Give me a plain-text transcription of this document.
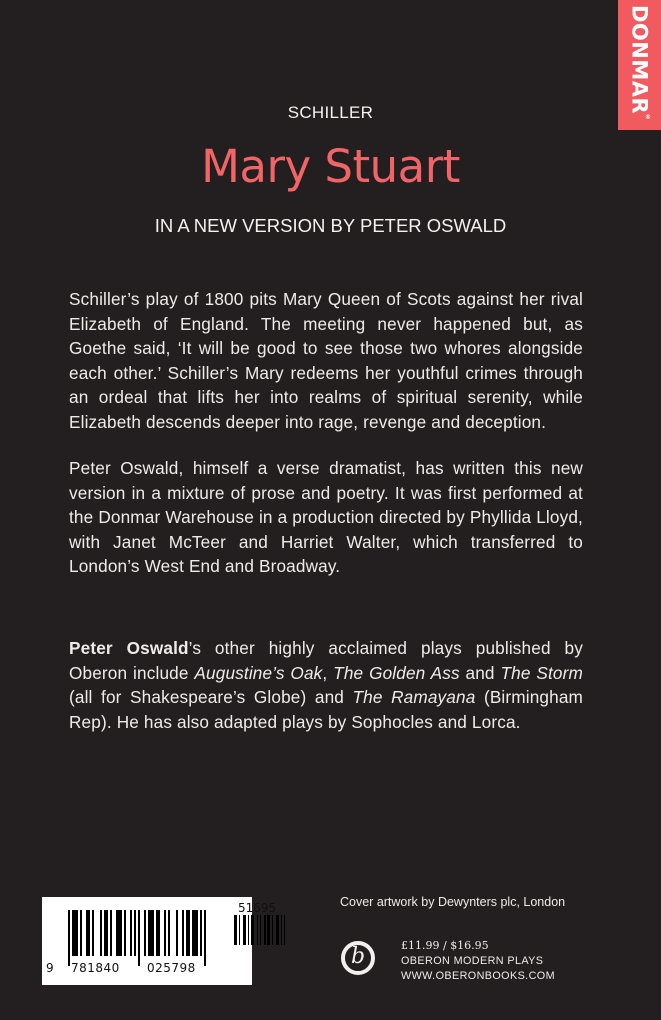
DONMAR®
SCHILLER
Mary Stuart
IN A NEW VERSION BY PETER OSWALD
Schiller’s play of 1800 pits Mary Queen of Scots against her rival Elizabeth of England. The meeting never happened but, as Goethe said, ‘It will be good to see those two whores alongside each other.’ Schiller’s Mary redeems her youthful crimes through an ordeal that lifts her into realms of spiritual serenity, while Elizabeth descends deeper into rage, revenge and deception.
Peter Oswald, himself a verse dramatist, has written this new version in a mixture of prose and poetry. It was first performed at the Donmar Warehouse in a production directed by Phyllida Lloyd, with Janet McTeer and Harriet Walter, which transferred to London’s West End and Broadway.
Peter Oswald’s other highly acclaimed plays published by Oberon include Augustine’s Oak, The Golden Ass and The Storm (all for Shakespeare’s Globe) and The Ramayana (Birmingham Rep). He has also adapted plays by Sophocles and Lorca.
9 781840 025798
51695	Cover artwork by Dewynters plc, London
b	£11.99 / $16.95
OBERON MODERN PLAYS
WWW.OBERONBOOKS.COM
